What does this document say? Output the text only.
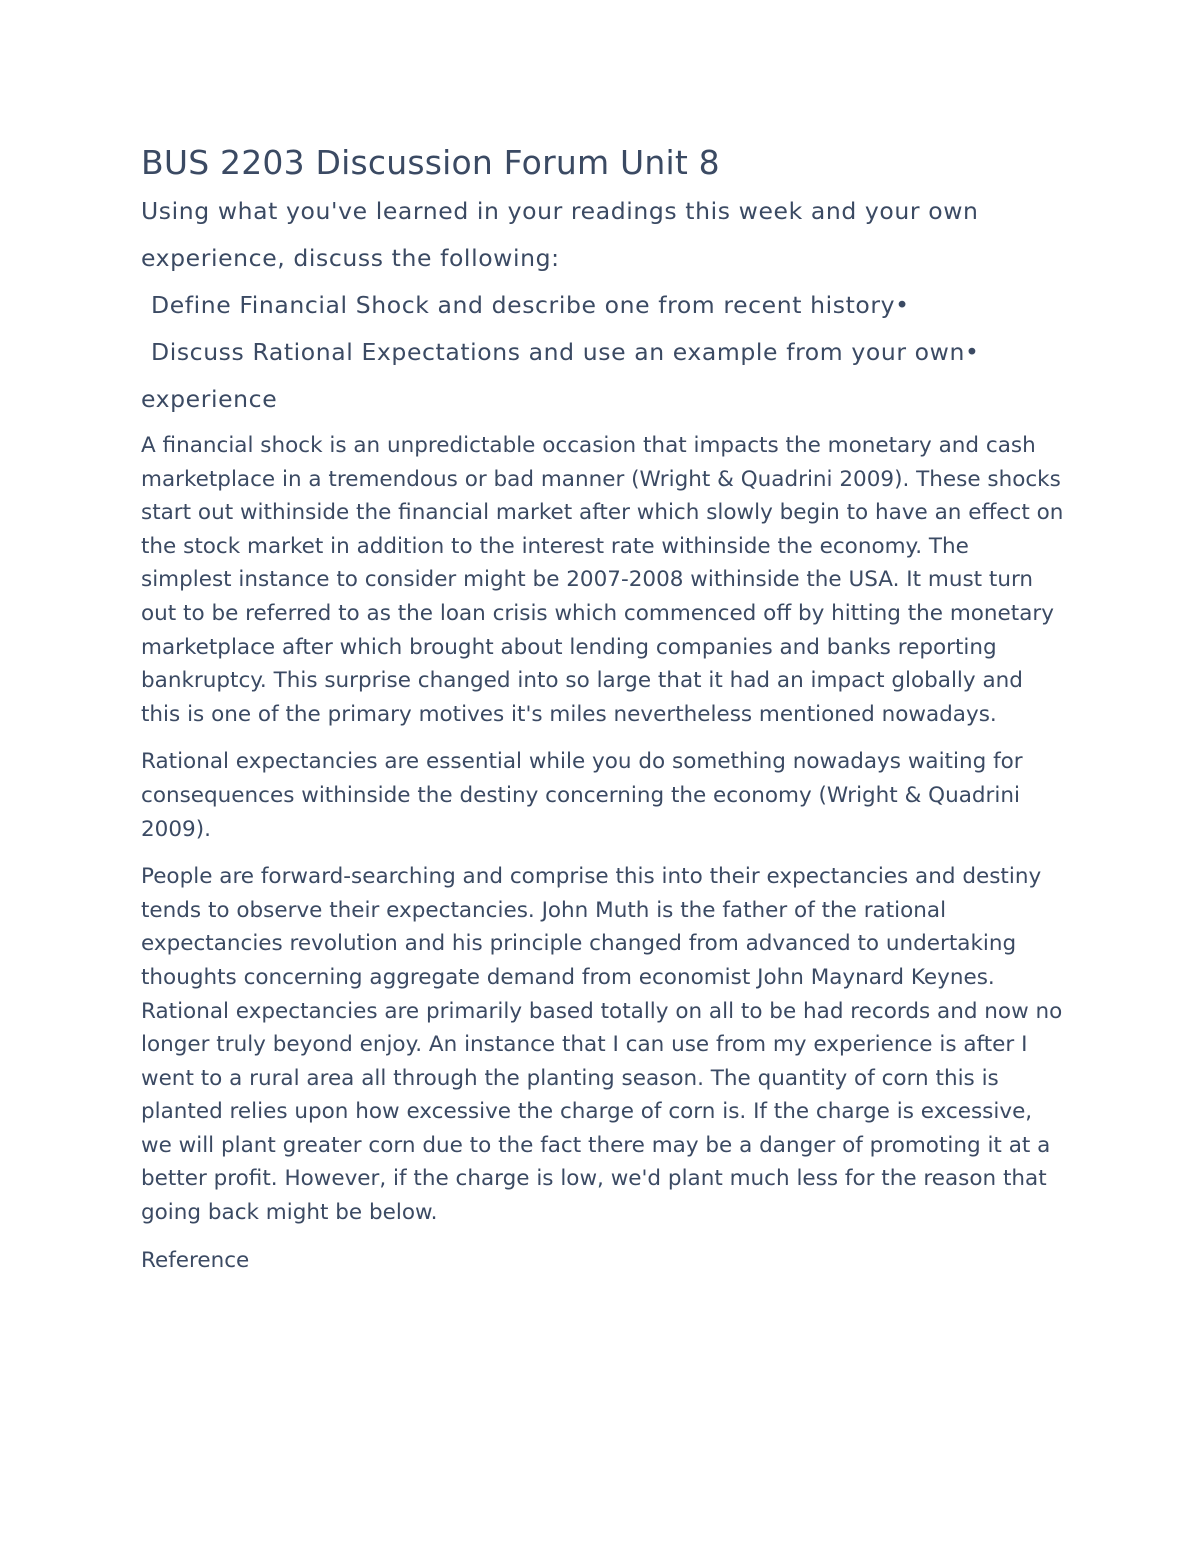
BUS 2203 Discussion Forum Unit 8
Using what you've learned in your readings this week and your own
experience, discuss the following:
Define Financial Shock and describe one from recent history•
Discuss Rational Expectations and use an example from your own•
experience

A financial shock is an unpredictable occasion that impacts the monetary and cash marketplace in a tremendous or bad manner (Wright & Quadrini 2009). These shocks start out withinside the financial market after which slowly begin to have an effect on the stock market in addition to the interest rate withinside the economy. The simplest instance to consider might be 2007-2008 withinside the USA. It must turn out to be referred to as the loan crisis which commenced off by hitting the monetary marketplace after which brought about lending companies and banks reporting bankruptcy. This surprise changed into so large that it had an impact globally and this is one of the primary motives it's miles nevertheless mentioned nowadays.

Rational expectancies are essential while you do something nowadays waiting for consequences withinside the destiny concerning the economy (Wright & Quadrini 2009).

People are forward-searching and comprise this into their expectancies and destiny tends to observe their expectancies. John Muth is the father of the rational expectancies revolution and his principle changed from advanced to undertaking thoughts concerning aggregate demand from economist John Maynard Keynes. Rational expectancies are primarily based totally on all to be had records and now no longer truly beyond enjoy. An instance that I can use from my experience is after I went to a rural area all through the planting season. The quantity of corn this is planted relies upon how excessive the charge of corn is. If the charge is excessive, we will plant greater corn due to the fact there may be a danger of promoting it at a better profit. However, if the charge is low, we'd plant much less for the reason that going back might be below.

Reference
